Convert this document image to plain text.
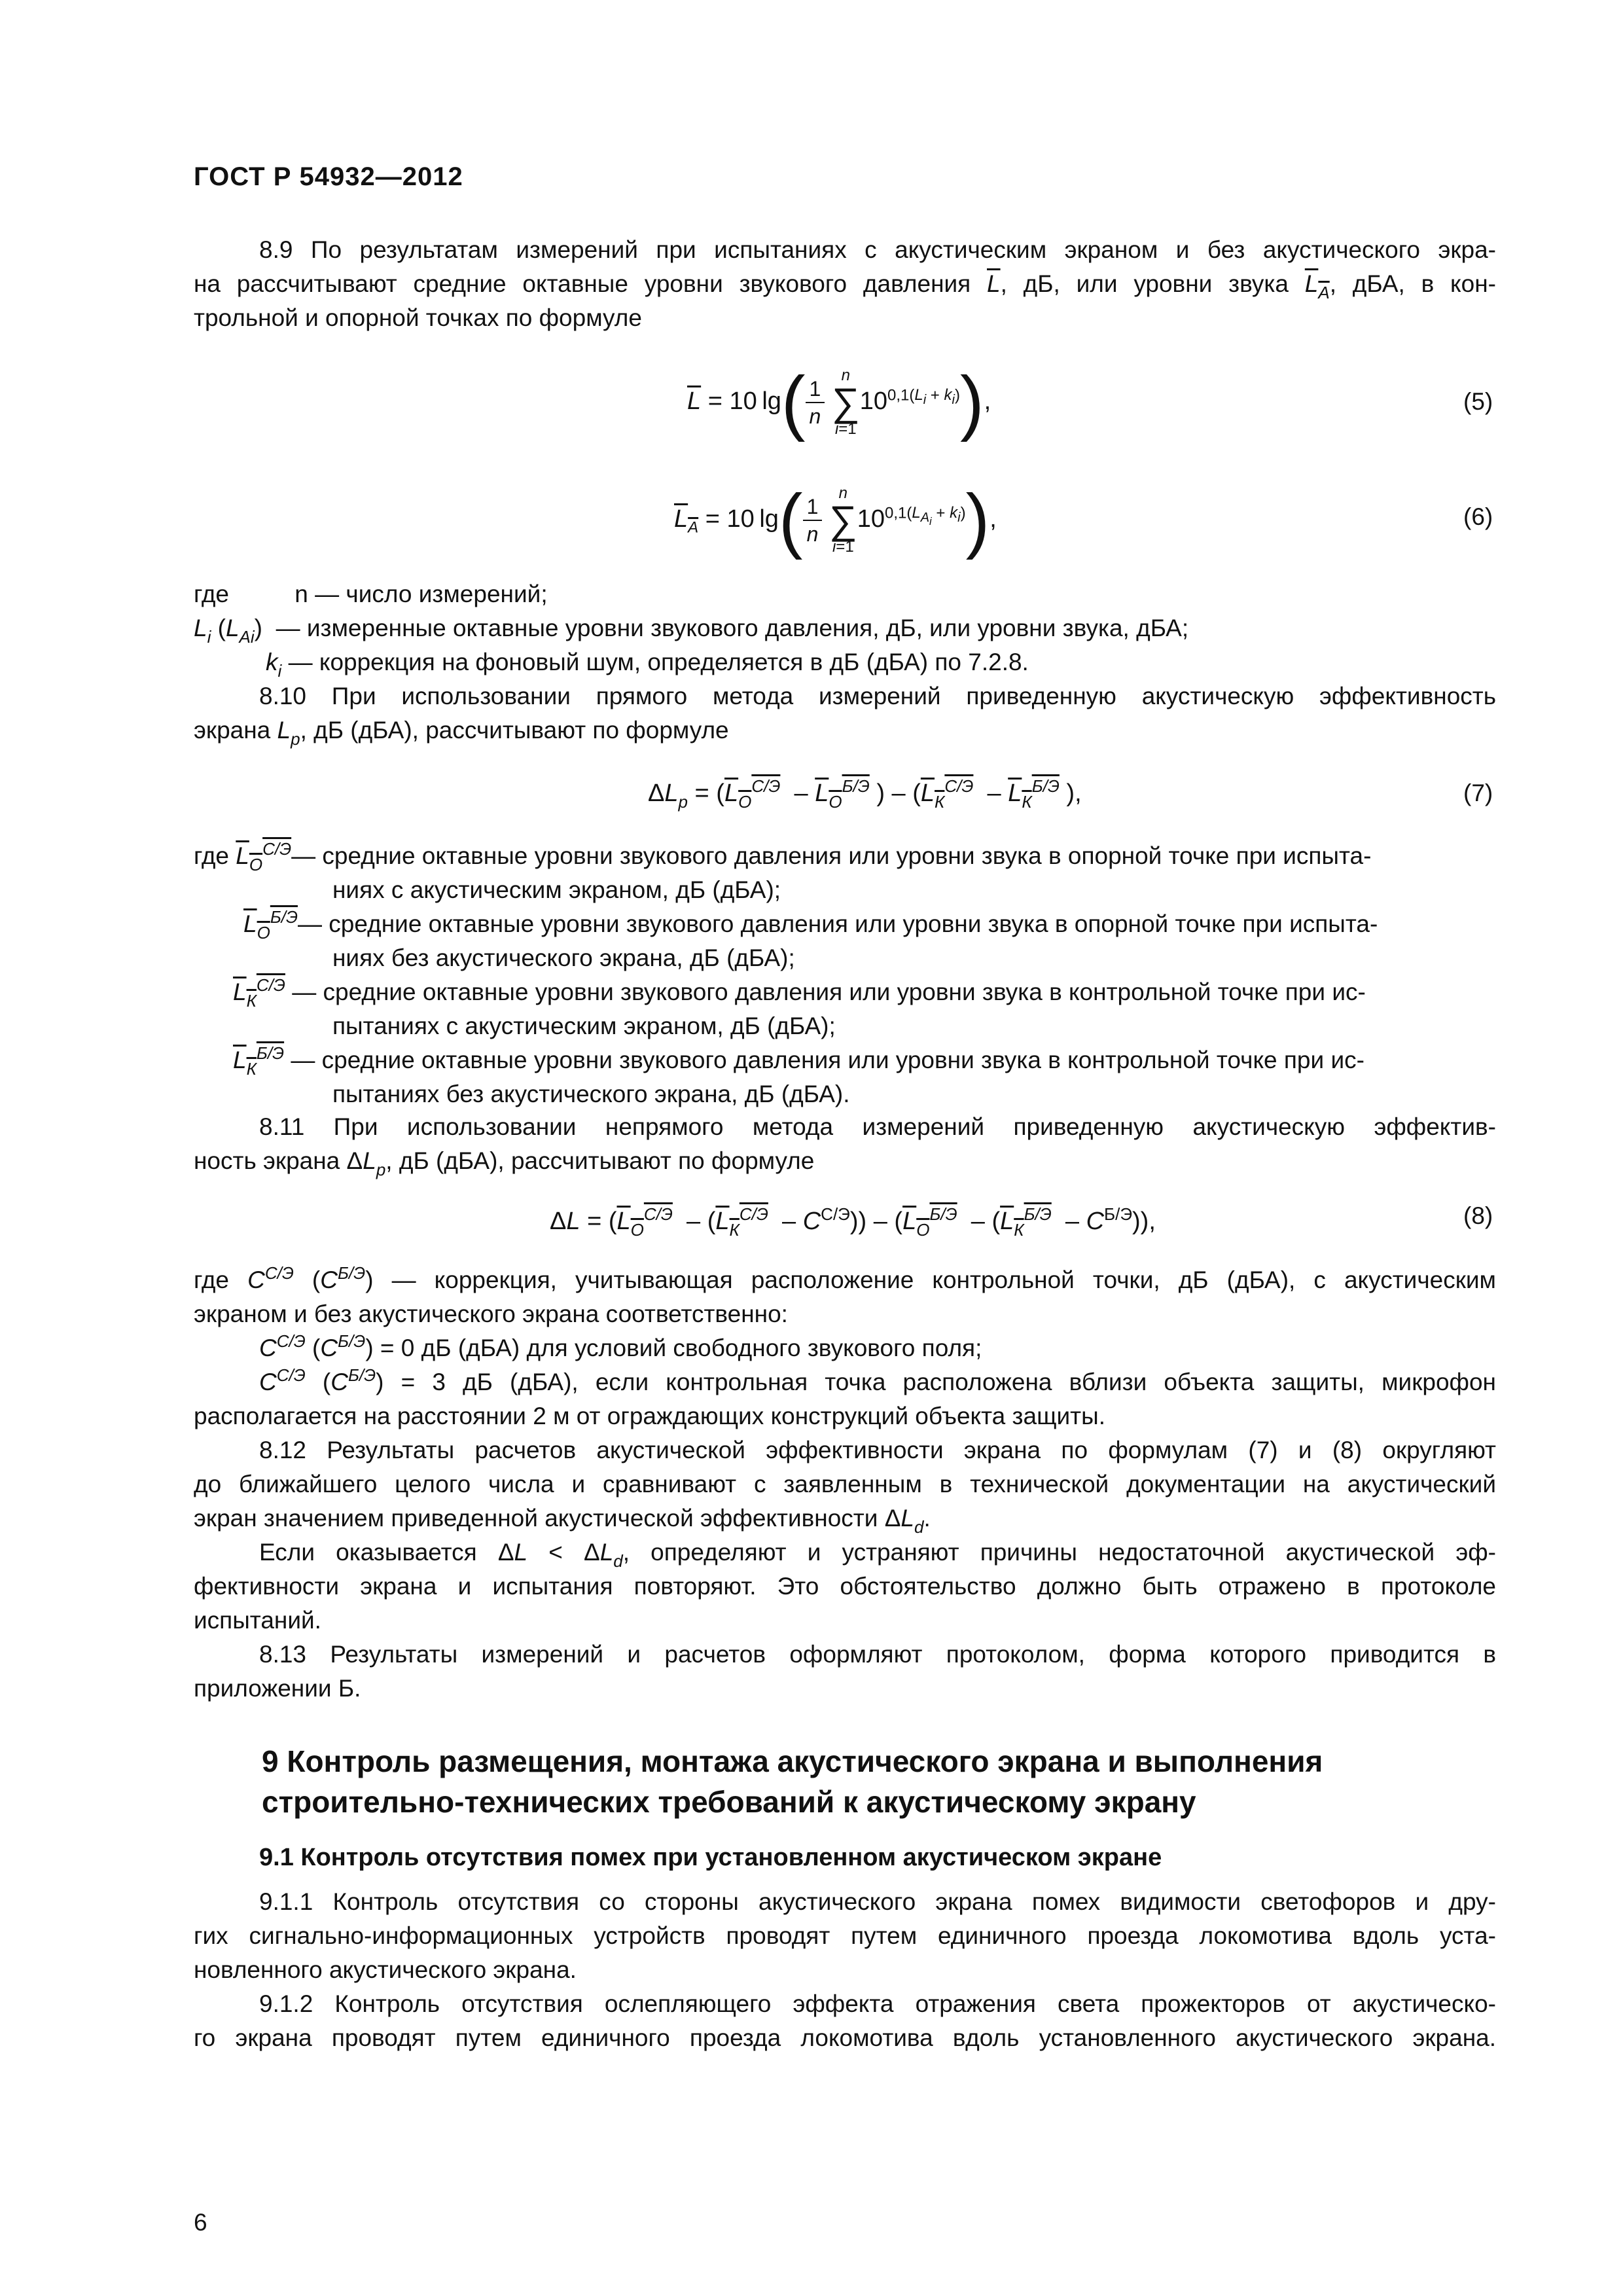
ГОСТ Р 54932—2012

8.9 По результатам измерений при испытаниях с акустическим экраном и без акустического экра-

на рассчитывают средние октавные уровни звукового давления $\overline{L}$, дБ, или уровни звука $L_A$, дБА, в кон-

трольной и опорной точках по формуле

$\overline{L} = 10$ $\lg( \frac{1}{n}$

n
∑
i=1
$10^{0,1(L_i + k_i)}$),	(5)
$L_A = 10$ $\lg( \frac{1}{n}$

n
∑
i=1
$10^{0,1(L_{A_i} + k_i)}$),	(6)
где	n — число измерений;
$L_i$ $(L_{Ai})$  — измеренные октавные уровни звукового давления, дБ, или уровни звука, дБА;
$k_i$ — коррекция на фоновый шум, определяется в дБ (дБА) по 7.2.8.

8.10 При использовании прямого метода измерений приведенную акустическую эффективность

экрана $L_p$, дБ (дБА), рассчитывают по формуле

$\Delta L_p = (L_О^{С/Э} - L_О^{Б/Э}$ ) – ($L_К^{С/Э} - L_К^{Б/Э}$ ),	(7)
где $L_О^{С/Э}—$ средние октавные уровни звукового давления или уровни звука в опорной точке при испыта-
ниях с акустическим экраном, дБ (дБА);
$L_О^{Б/Э}—$ средние октавные уровни звукового давления или уровни звука в опорной точке при испыта-
ниях без акустического экрана, дБ (дБА);
$L_К^{С/Э}$ — средние октавные уровни звукового давления или уровни звука в контрольной точке при ис-
пытаниях с акустическим экраном, дБ (дБА);
$L_К^{Б/Э}$ — средние октавные уровни звукового давления или уровни звука в контрольной точке при ис-
пытаниях без акустического экрана, дБ (дБА).

8.11 При использовании непрямого метода измерений приведенную акустическую эффектив-

ность экрана $\Delta L_p$, дБ (дБА), рассчитывают по формуле

$\Delta L = (L_О^{С/Э} - (L_К^{С/Э} - C^{С/Э})) - (L_О^{Б/Э} - (L_К^{Б/Э} - C^{Б/Э}))$,	(8)

где $C^{С/Э}$ $(C^{Б/Э})$ — коррекция, учитывающая расположение контрольной точки, дБ (дБА), с акустическим

экраном и без акустического экрана соответственно:

$C^{С/Э}$ $(C^{Б/Э}) = 0$ дБ (дБА) для условий свободного звукового поля;

$C^{С/Э}$ $(C^{Б/Э}) = 3$ дБ (дБА), если контрольная точка расположена вблизи объекта защиты, микрофон

располагается на расстоянии 2 м от ограждающих конструкций объекта защиты.

8.12 Результаты расчетов акустической эффективности экрана по формулам (7) и (8) округляют

до ближайшего целого числа и сравнивают с заявленным в технической документации на акустический

экран значением приведенной акустической эффективности $\Delta L_d$.

Если оказывается $\Delta L < \Delta L_d$, определяют и устраняют причины недостаточной акустической эф-

фективности экрана и испытания повторяют. Это обстоятельство должно быть отражено в протоколе

испытаний.

8.13 Результаты измерений и расчетов оформляют протоколом, форма которого приводится в

приложении Б.

9 Контроль размещения, монтажа акустического экрана и выполнения
строительно-технических требований к акустическому экрану
9.1 Контроль отсутствия помех при установленном акустическом экране

9.1.1 Контроль отсутствия со стороны акустического экрана помех видимости светофоров и дру-

гих сигнально-информационных устройств проводят путем единичного проезда локомотива вдоль уста-

новленного акустического экрана.

9.1.2 Контроль отсутствия ослепляющего эффекта отражения света прожекторов от акустическо-

го экрана проводят путем единичного проезда локомотива вдоль установленного акустического экрана.

6
